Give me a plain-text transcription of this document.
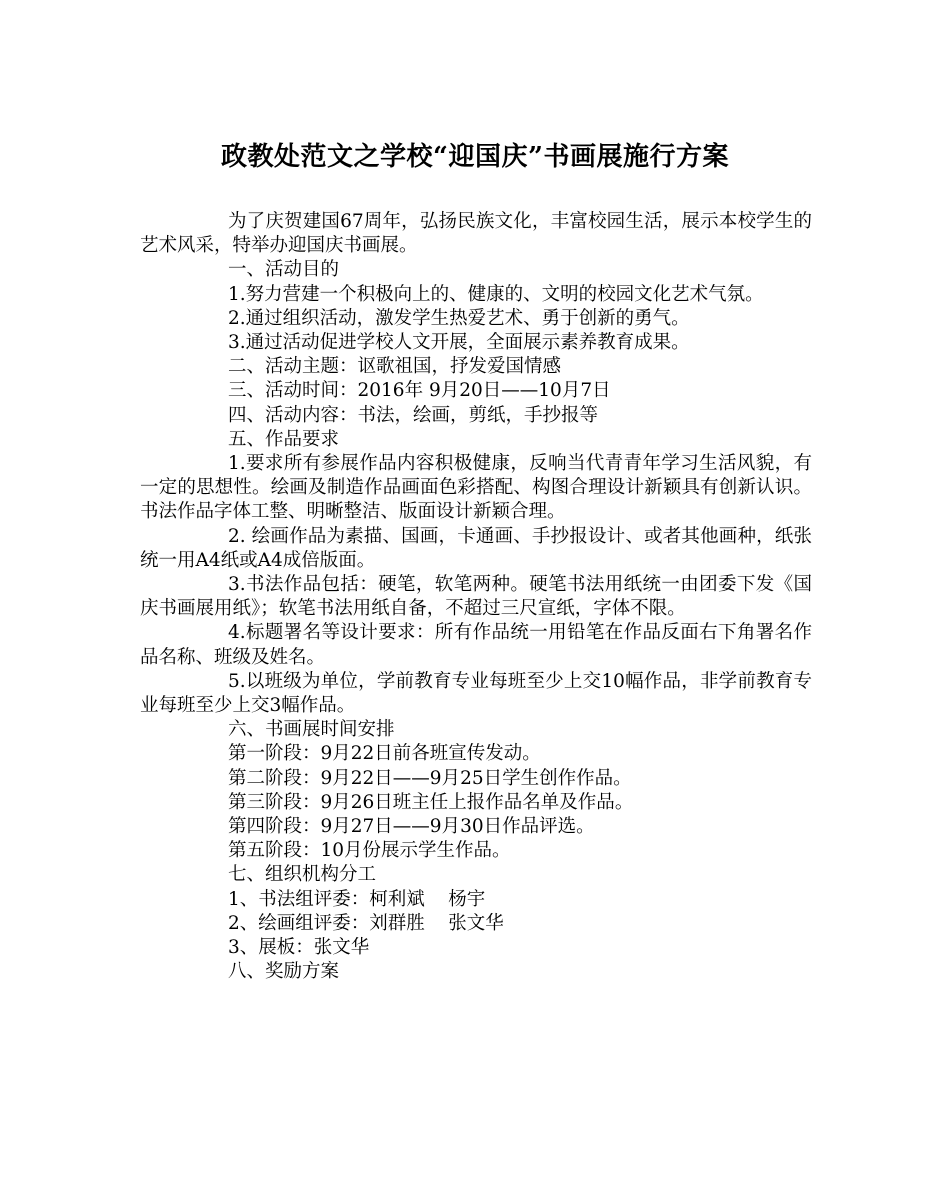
政教处范文之学校“迎国庆”书画展施行方案

为了庆贺建国67周年，弘扬民族文化，丰富校园生活，展示本校学生的艺术风采，特举办迎国庆书画展。

一、活动目的

1.努力营建一个积极向上的、健康的、文明的校园文化艺术气氛。

2.通过组织活动，激发学生热爱艺术、勇于创新的勇气。

3.通过活动促进学校人文开展，全面展示素养教育成果。

二、活动主题：讴歌祖国，抒发爱国情感

三、活动时间：2016年 9月20日——10月7日

四、活动内容：书法，绘画，剪纸，手抄报等

五、作品要求

1.要求所有参展作品内容积极健康，反响当代青青年学习生活风貌，有一定的思想性。绘画及制造作品画面色彩搭配、构图合理设计新颖具有创新认识。书法作品字体工整、明晰整洁、版面设计新颖合理。

2. 绘画作品为素描、国画，卡通画、手抄报设计、或者其他画种，纸张统一用A4纸或A4成倍版面。

3.书法作品包括：硬笔，软笔两种。硬笔书法用纸统一由团委下发《国庆书画展用纸》；软笔书法用纸自备，不超过三尺宣纸，字体不限。

4.标题署名等设计要求：所有作品统一用铅笔在作品反面右下角署名作品名称、班级及姓名。

5.以班级为单位，学前教育专业每班至少上交10幅作品，非学前教育专业每班至少上交3幅作品。

六、书画展时间安排

第一阶段：9月22日前各班宣传发动。

第二阶段：9月22日——9月25日学生创作作品。

第三阶段：9月26日班主任上报作品名单及作品。

第四阶段：9月27日——9月30日作品评选。

第五阶段：10月份展示学生作品。

七、组织机构分工

1、书法组评委：柯利斌    杨宇

2、绘画组评委：刘群胜    张文华

3、展板：张文华

八、奖励方案
